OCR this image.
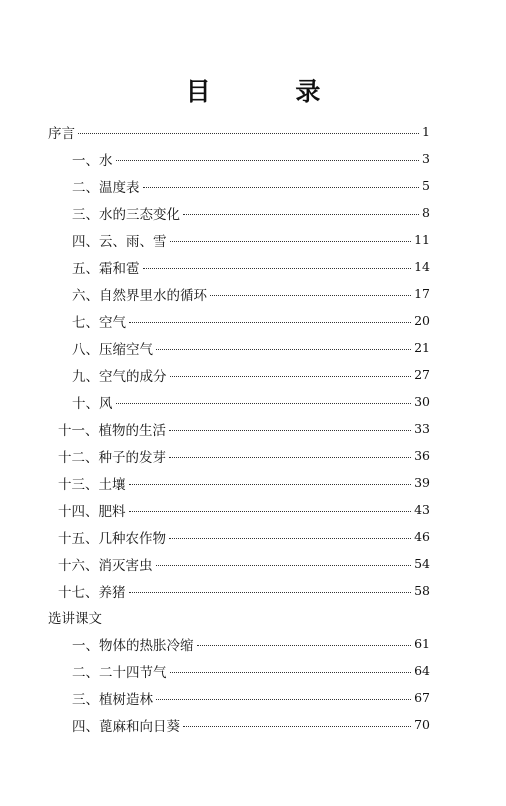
目 录
序言	1
一、水	3
二、温度表	5
三、水的三态变化	8
四、云、雨、雪	11
五、霜和雹	14
六、自然界里水的循环	17
七、空气	20
八、压缩空气	21
九、空气的成分	27
十、风	30
十一、植物的生活	33
十二、种子的发芽	36
十三、土壤	39
十四、肥料	43
十五、几种农作物	46
十六、消灭害虫	54
十七、养猪	58
选讲课文
一、物体的热胀冷缩	61
二、二十四节气	64
三、植树造林	67
四、蓖麻和向日葵	70
